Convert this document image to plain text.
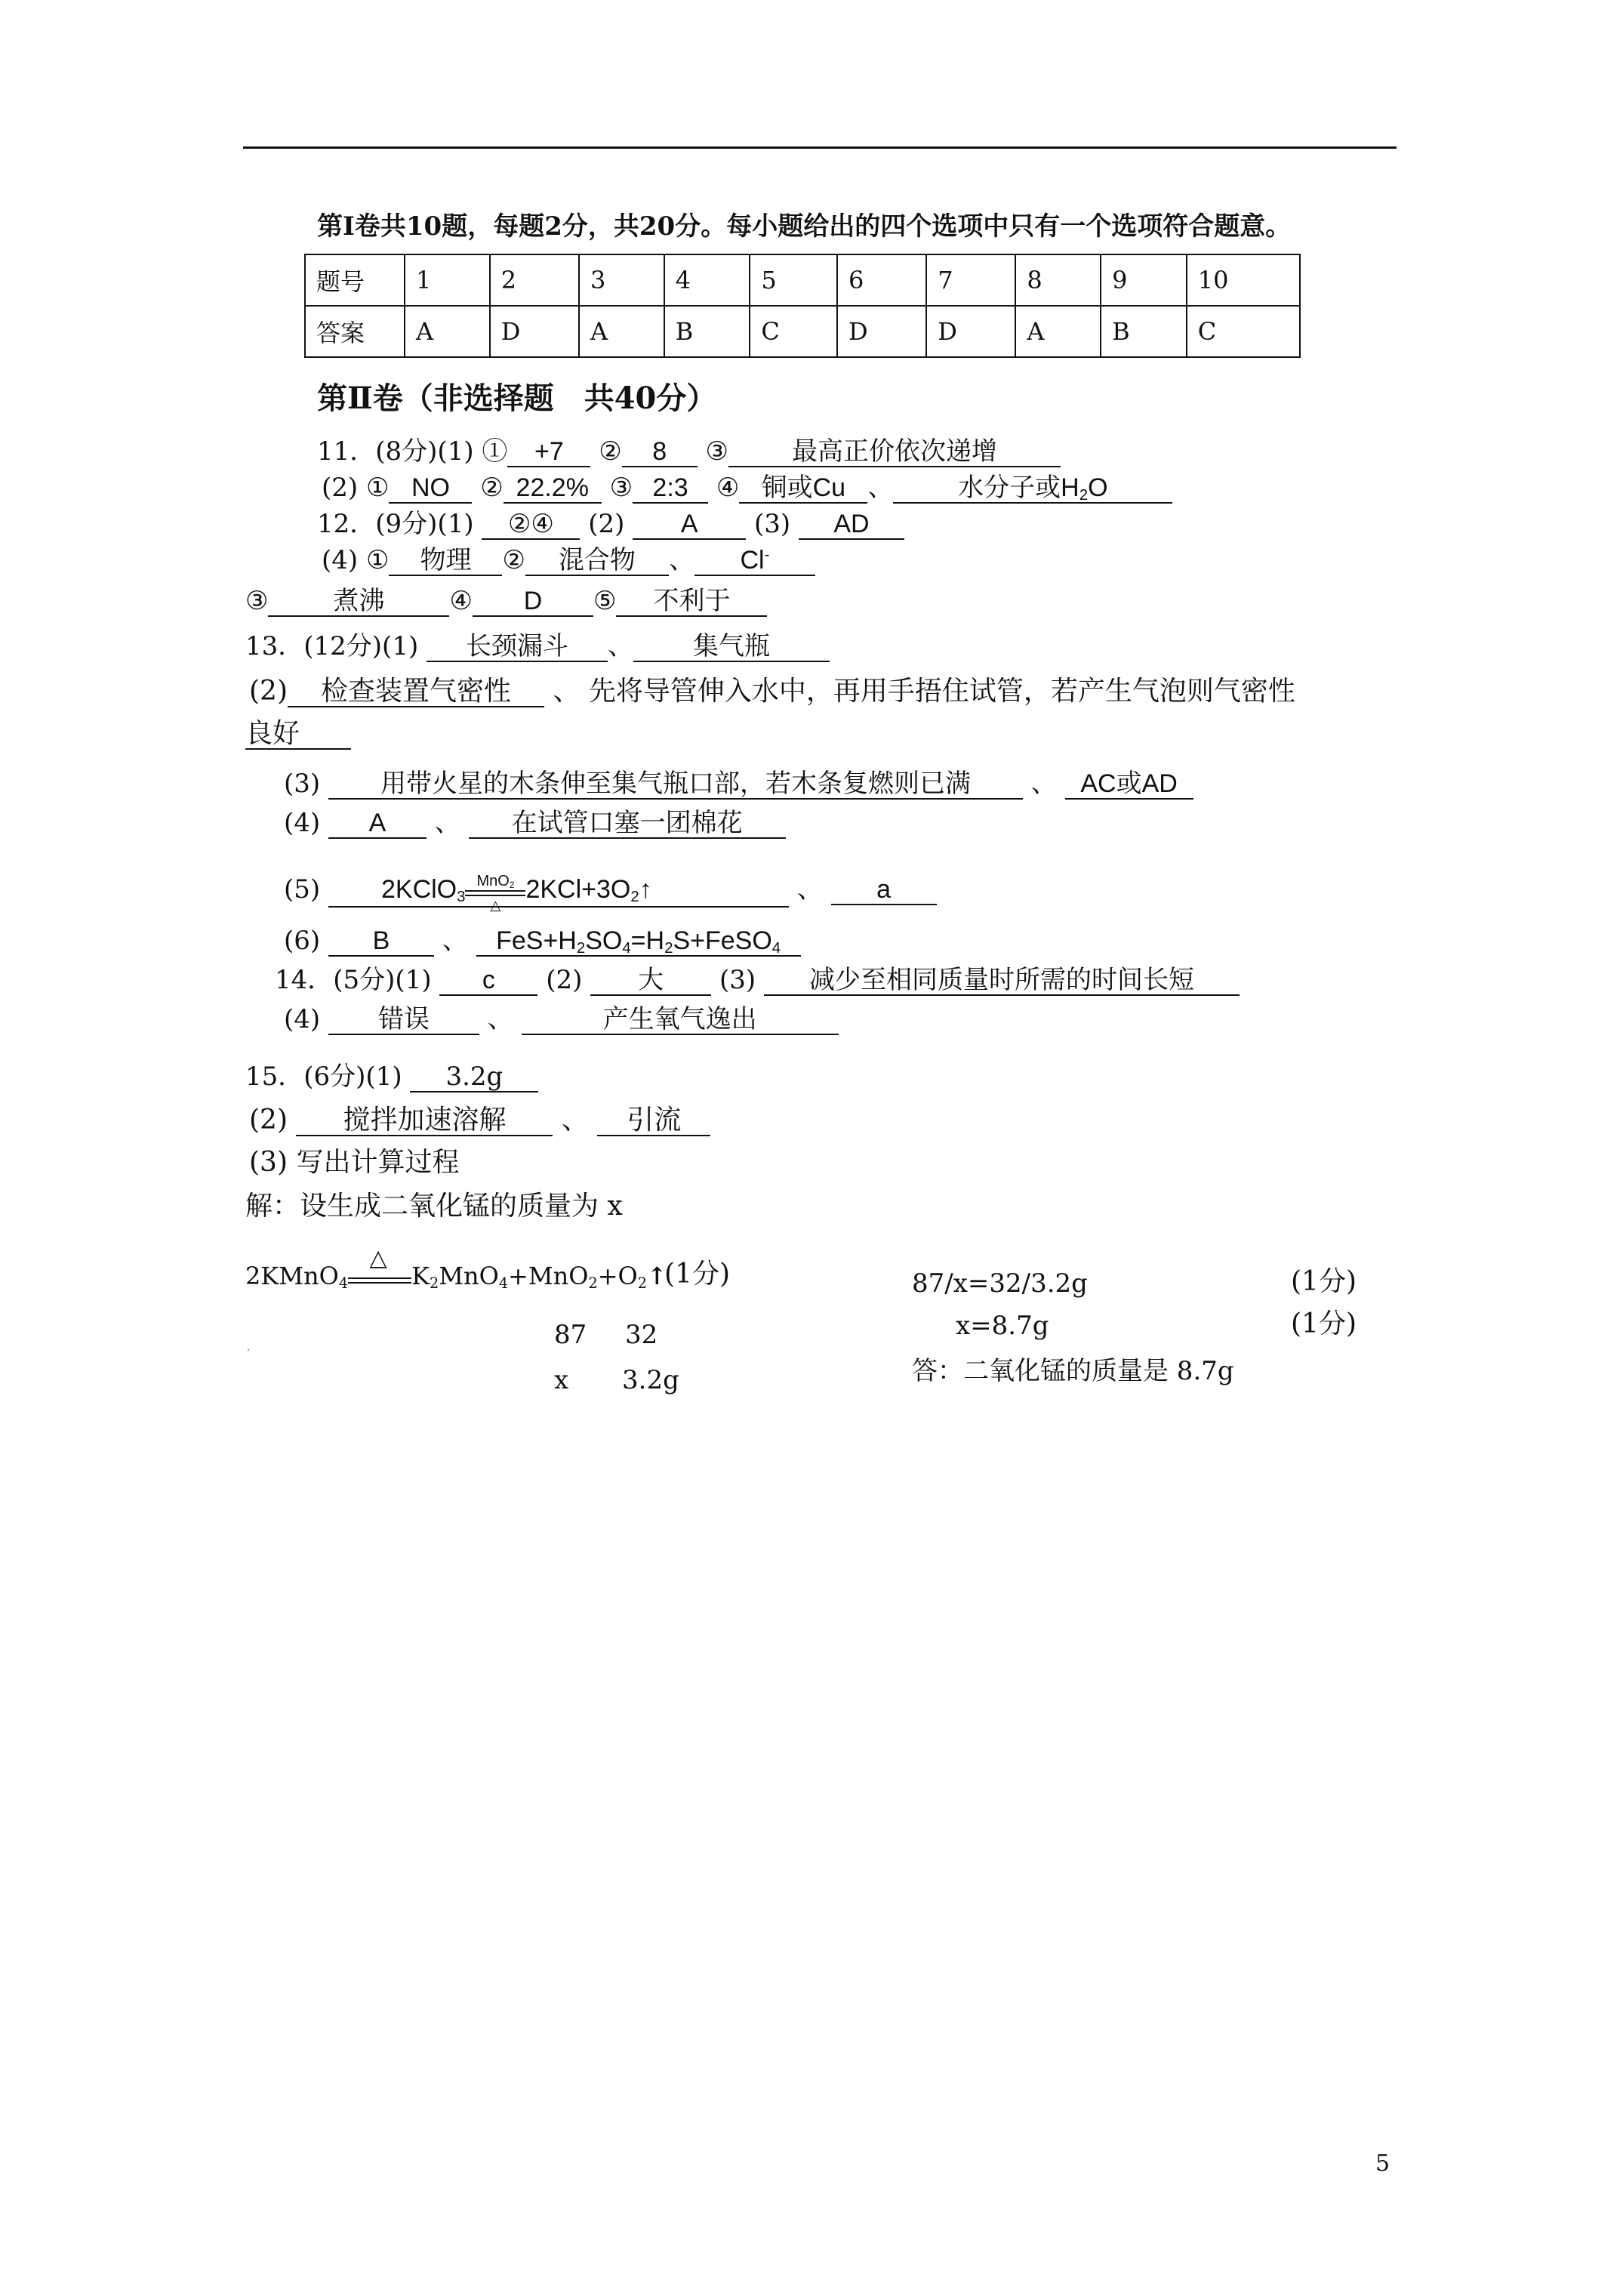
第Ⅰ卷共10题，每题2分，共20分。每小题给出的四个选项中只有一个选项符合题意。
题号	1	2	3	4	5	6	7	8	9	10
答案	A	D	A	B	C	D	D	A	B	C
第Ⅱ卷（非选择题　共40分）
11．(8分)(1) ① +7 ② 8 ③ 最高正价依次递增
(2) ① NO ② 22.2% ③ 2:3 ④ 铜或Cu 、	水分子或$H_2O$
12．(9分)(1) ②④ (2) A (3) AD
(4) ① 物理 ② 混合物 、 Cl-
③	煮沸	④ D ⑤ 不利于
13．(12分)(1) 长颈漏斗 、 集气瓶
(2) 检查装置气密性 、 先将导管伸入水中，再用手捂住试管，若产生气泡则气密性
良好
(3) 用带火星的木条伸至集气瓶口部，若木条复燃则已满 、 AC或AD
(4) A 、 在试管口塞一团棉花
(5) 2KClO$_3$
MnO$_2$
△
$2KCl+3O_2↑$	、 a
(6) B 、 $FeS+H_2SO_4=H_2S+FeSO_4$
14．(5分)(1) c (2) 大 (3) 减少至相同质量时所需的时间长短
(4) 错误 、	产生氧气逸出
15．(6分)(1) 3.2g
(2) 搅拌加速溶解 、 引流
(3) 写出计算过程
解：设生成二氧化锰的质量为 x
2KMnO$_4$
△
$K_2MnO_4+MnO_2+O_2↑$
(1分)
87 32
x 3.2g
87/x=32/3.2g	(1分)
x=8.7g	(1分)
答：二氧化锰的质量是 8.7g
.
5
